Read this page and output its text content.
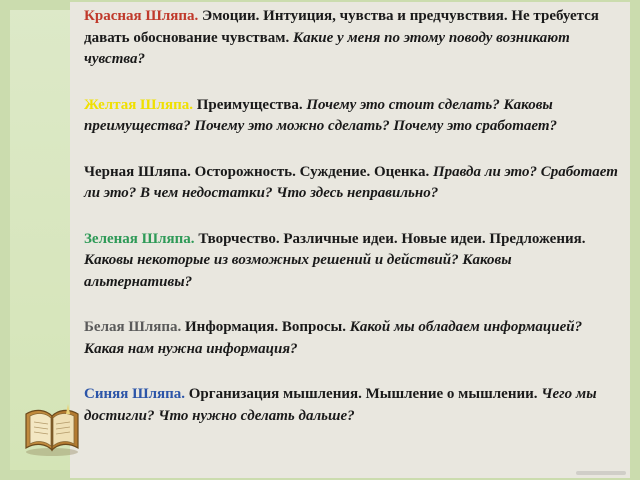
Красная Шляпа. Эмоции. Интуиция, чувства и предчувствия. Не требуется давать обоснование чувствам. Какие у меня по этому поводу возникают чувства?

Желтая Шляпа. Преимущества. Почему это стоит сделать? Каковы преимущества? Почему это можно сделать? Почему это сработает?

Черная Шляпа. Осторожность. Суждение. Оценка. Правда ли это? Сработает ли это? В чем недостатки? Что здесь неправильно?

Зеленая Шляпа. Творчество. Различные идеи. Новые идеи. Предложения. Каковы некоторые из возможных решений и действий? Каковы альтернативы?

Белая Шляпа. Информация. Вопросы. Какой мы обладаем информацией? Какая нам нужна информация?

Синяя Шляпа. Организация мышления. Мышление о мышлении. Чего мы достигли? Что нужно сделать дальше?
